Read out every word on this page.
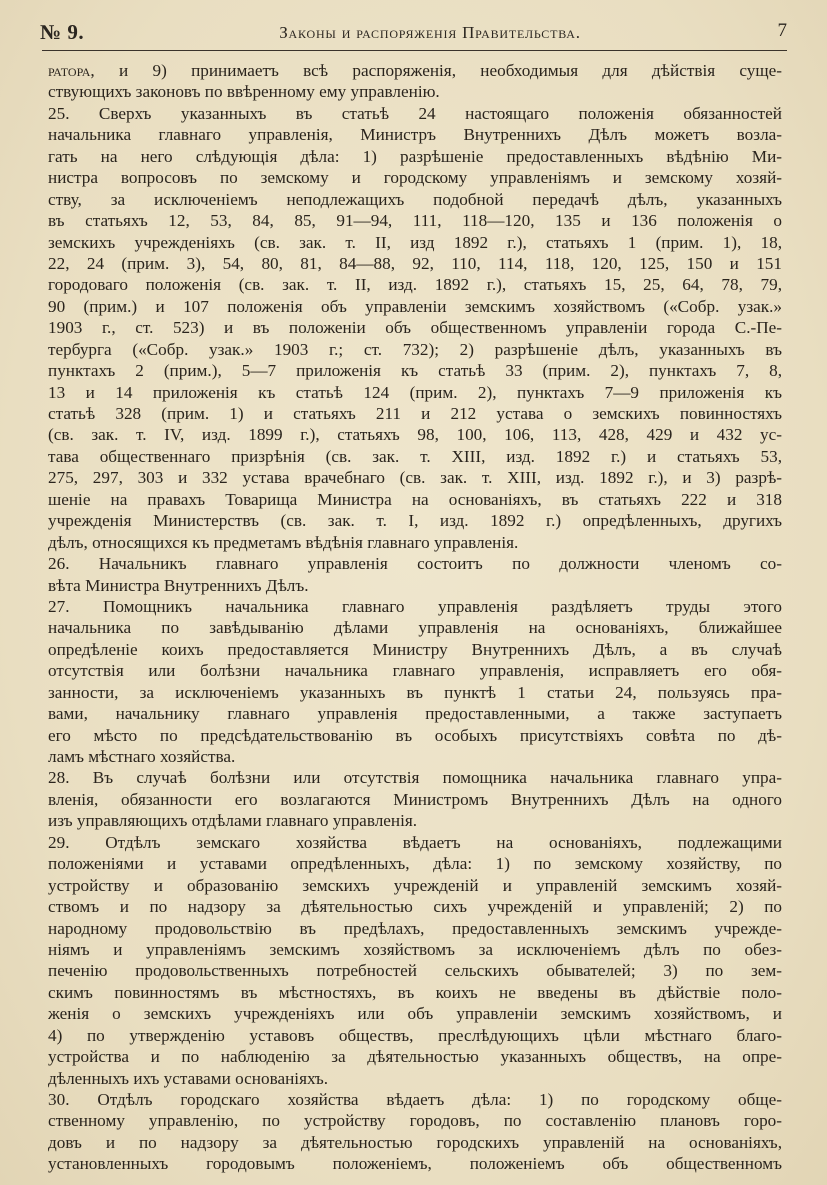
№ 9.	Законы и распоряженія Правительства.	7
ратора, и 9) принимаетъ всѣ распоряженія, необходимыя для дѣйствія суще-
ствующихъ законовъ по ввѣренному ему управленію.
25. Сверхъ указанныхъ въ статьѣ 24 настоящаго положенія обязанностей
начальника главнаго управленія, Министръ Внутреннихъ Дѣлъ можетъ возла-
гать на него слѣдующія дѣла: 1) разрѣшеніе предоставленныхъ вѣдѣнію Ми-
нистра вопросовъ по земскому и городскому управленіямъ и земскому хозяй-
ству, за исключеніемъ неподлежащихъ подобной передачѣ дѣлъ, указанныхъ
въ статьяхъ 12, 53, 84, 85, 91—94, 111, 118—120, 135 и 136 положенія о
земскихъ учрежденіяхъ (св. зак. т. II, изд 1892 г.), статьяхъ 1 (прим. 1), 18,
22, 24 (прим. 3), 54, 80, 81, 84—88, 92, 110, 114, 118, 120, 125, 150 и 151
городоваго положенія (св. зак. т. II, изд. 1892 г.), статьяхъ 15, 25, 64, 78, 79,
90 (прим.) и 107 положенія объ управленіи земскимъ хозяйствомъ («Собр. узак.»
1903 г., ст. 523) и въ положеніи объ общественномъ управленіи города С.-Пе-
тербурга («Собр. узак.» 1903 г.; ст. 732); 2) разрѣшеніе дѣлъ, указанныхъ въ
пунктахъ 2 (прим.), 5—7 приложенія къ статьѣ 33 (прим. 2), пунктахъ 7, 8,
13 и 14 приложенія къ статьѣ 124 (прим. 2), пунктахъ 7—9 приложенія къ
статьѣ 328 (прим. 1) и статьяхъ 211 и 212 устава о земскихъ повинностяхъ
(св. зак. т. IV, изд. 1899 г.), статьяхъ 98, 100, 106, 113, 428, 429 и 432 ус-
тава общественнаго призрѣнія (св. зак. т. XIII, изд. 1892 г.) и статьяхъ 53,
275, 297, 303 и 332 устава врачебнаго (св. зак. т. XIII, изд. 1892 г.), и 3) разрѣ-
шеніе на правахъ Товарища Министра на основаніяхъ, въ статьяхъ 222 и 318
учрежденія Министерствъ (св. зак. т. I, изд. 1892 г.) опредѣленныхъ, другихъ
дѣлъ, относящихся къ предметамъ вѣдѣнія главнаго управленія.
26. Начальникъ главнаго управленія состоитъ по должности членомъ со-
вѣта Министра Внутреннихъ Дѣлъ.
27. Помощникъ начальника главнаго управленія раздѣляетъ труды этого
начальника по завѣдыванію дѣлами управленія на основаніяхъ, ближайшее
опредѣленіе коихъ предоставляется Министру Внутреннихъ Дѣлъ, а въ случаѣ
отсутствія или болѣзни начальника главнаго управленія, исправляетъ его обя-
занности, за исключеніемъ указанныхъ въ пунктѣ 1 статьи 24, пользуясь пра-
вами, начальнику главнаго управленія предоставленными, а также заступаетъ
его мѣсто по предсѣдательствованію въ особыхъ присутствіяхъ совѣта по дѣ-
ламъ мѣстнаго хозяйства.
28. Въ случаѣ болѣзни или отсутствія помощника начальника главнаго упра-
вленія, обязанности его возлагаются Министромъ Внутреннихъ Дѣлъ на одного
изъ управляющихъ отдѣлами главнаго управленія.
29. Отдѣлъ земскаго хозяйства вѣдаетъ на основаніяхъ, подлежащими
положеніями и уставами опредѣленныхъ, дѣла: 1) по земскому хозяйству, по
устройству и образованію земскихъ учрежденій и управленій земскимъ хозяй-
ствомъ и по надзору за дѣятельностью сихъ учрежденій и управленій; 2) по
народному продовольствію въ предѣлахъ, предоставленныхъ земскимъ учрежде-
ніямъ и управленіямъ земскимъ хозяйствомъ за исключеніемъ дѣлъ по обез-
печенію продовольственныхъ потребностей сельскихъ обывателей; 3) по зем-
скимъ повинностямъ въ мѣстностяхъ, въ коихъ не введены въ дѣйствіе поло-
женія о земскихъ учрежденіяхъ или объ управленіи земскимъ хозяйствомъ, и
4) по утвержденію уставовъ обществъ, преслѣдующихъ цѣли мѣстнаго благо-
устройства и по наблюденію за дѣятельностью указанныхъ обществъ, на опре-
дѣленныхъ ихъ уставами основаніяхъ.
30. Отдѣлъ городскаго хозяйства вѣдаетъ дѣла: 1) по городскому обще-
ственному управленію, по устройству городовъ, по составленію плановъ горо-
довъ и по надзору за дѣятельностью городскихъ управленій на основаніяхъ,
установленныхъ городовымъ положеніемъ, положеніемъ объ общественномъ
